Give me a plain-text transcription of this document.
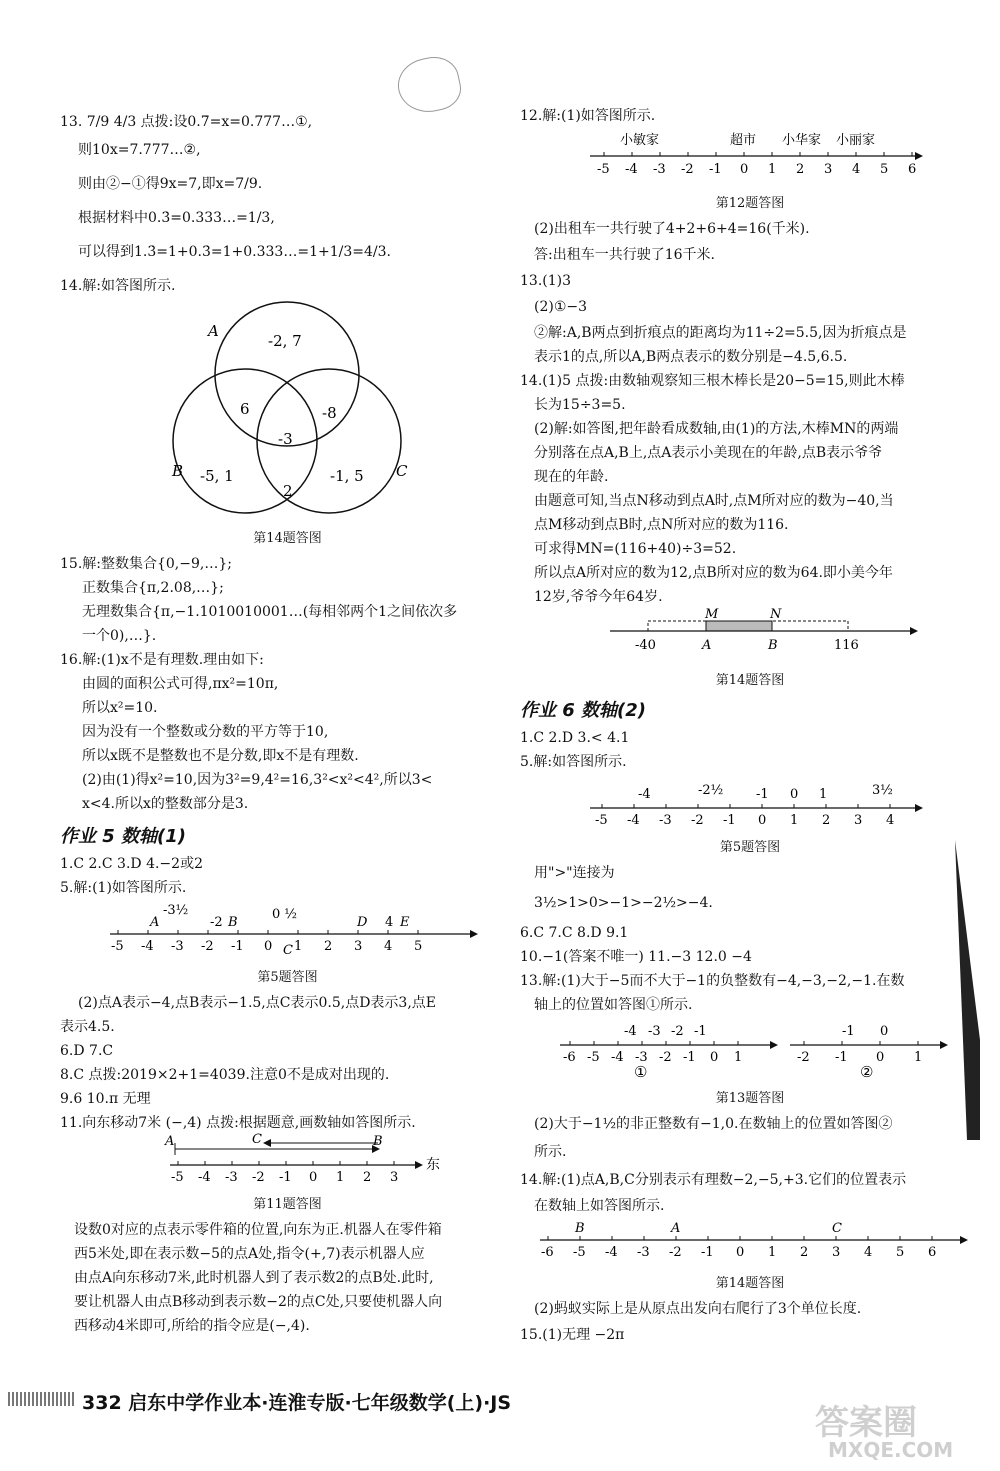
13. 7/9 4/3 点拨:设0.7̇=x=0.777…①,

则10x=7.777…②,

则由②−①得9x=7,即x=7/9.

根据材料中0.3̇=0.333…=1/3,

可以得到1.3̇=1+0.3̇=1+0.333…=1+1/3=4/3.

14.解:如答图所示.

A
B	C
-2, 7
6	-8
-3
-5, 1
2
-1, 5

第14题答图

15.解:整数集合{0,−9,…};

正数集合{π,2.08,…};

无理数集合{π,−1.1010010001…(每相邻两个1之间依次多

一个0),…}.

16.解:(1)x不是有理数.理由如下:

由圆的面积公式可得,πx²=10π,

所以x²=10.

因为没有一个整数或分数的平方等于10,

所以x既不是整数也不是分数,即x不是有理数.

(2)由(1)得x²=10,因为3²=9,4²=16,3²<x²<4²,所以3<

x<4.所以x的整数部分是3.

作业 5 数轴(1)

1.C 2.C 3.D 4.−2或2

5.解:(1)如答图所示.

-5 -4 -3 -2 -1 0 1 2 3 4 5
A
-3½
-2 B
0 ½
C
D 4 E

第5题答图

(2)点A表示−4,点B表示−1.5,点C表示0.5,点D表示3,点E

表示4.5.

6.D 7.C

8.C 点拨:2019×2+1=4039.注意0不是成对出现的.

9.6 10.π 无理

11.向东移动7米 (−,4) 点拨:根据题意,画数轴如答图所示.

-5 -4 -3 -2 -1 0 1 2 3
A	C	B
东

第11题答图

设数0对应的点表示零件箱的位置,向东为正.机器人在零件箱

西5米处,即在表示数−5的点A处,指令(+,7)表示机器人应

由点A向东移动7米,此时机器人到了表示数2的点B处.此时,

要让机器人由点B移动到表示数−2的点C处,只要使机器人向

西移动4米即可,所给的指令应是(−,4).

12.解:(1)如答图所示.

-5 -4 -3 -2 -1 0 1 2 3 4 5 6
小敏家	超市 小华家 小丽家

第12题答图

(2)出租车一共行驶了4+2+6+4=16(千米).

答:出租车一共行驶了16千米.

13.(1)3

(2)①−3

②解:A,B两点到折痕点的距离均为11÷2=5.5,因为折痕点是

表示1的点,所以A,B两点表示的数分别是−4.5,6.5.

14.(1)5 点拨:由数轴观察知三根木棒长是20−5=15,则此木棒

长为15÷3=5.

(2)解:如答图,把年龄看成数轴,由(1)的方法,木棒MN的两端

分别落在点A,B上,点A表示小美现在的年龄,点B表示爷爷

现在的年龄.

由题意可知,当点N移动到点A时,点M所对应的数为−40,当

点M移动到点B时,点N所对应的数为116.

可求得MN=(116+40)÷3=52.

所以点A所对应的数为12,点B所对应的数为64.即小美今年

12岁,爷爷今年64岁.

M	N
-40	A	B	116

第14题答图

作业 6 数轴(2)

1.C 2.D 3.< 4.1

5.解:如答图所示.

-5 -4 -3 -2 -1 0 1 2 3 4
-4	-2½	-1 0 1	3½

第5题答图

用">"连接为

3½>1>0>−1>−2½>−4.

6.C 7.C 8.D 9.1

10.−1(答案不唯一) 11.−3 12.0 −4

13.解:(1)大于−5而不大于−1的负整数有−4,−3,−2,−1.在数

轴上的位置如答图①所示.

-6 -5 -4 -3 -2 -1 0 1	-2 -1 0 1
-4 -3 -2 -1	-1 0
①	②

第13题答图

(2)大于−1½的非正整数有−1,0.在数轴上的位置如答图②

所示.

14.解:(1)点A,B,C分别表示有理数−2,−5,+3.它们的位置表示

在数轴上如答图所示.

-6 -5 -4 -3 -2 -1 0 1 2 3 4 5 6
B	A	C

第14题答图

(2)蚂蚁实际上是从原点出发向右爬行了3个单位长度.

15.(1)无理 −2π

332 启东中学作业本·连淮专版·七年级数学(上)·JS	答案圈
MXQE.COM
